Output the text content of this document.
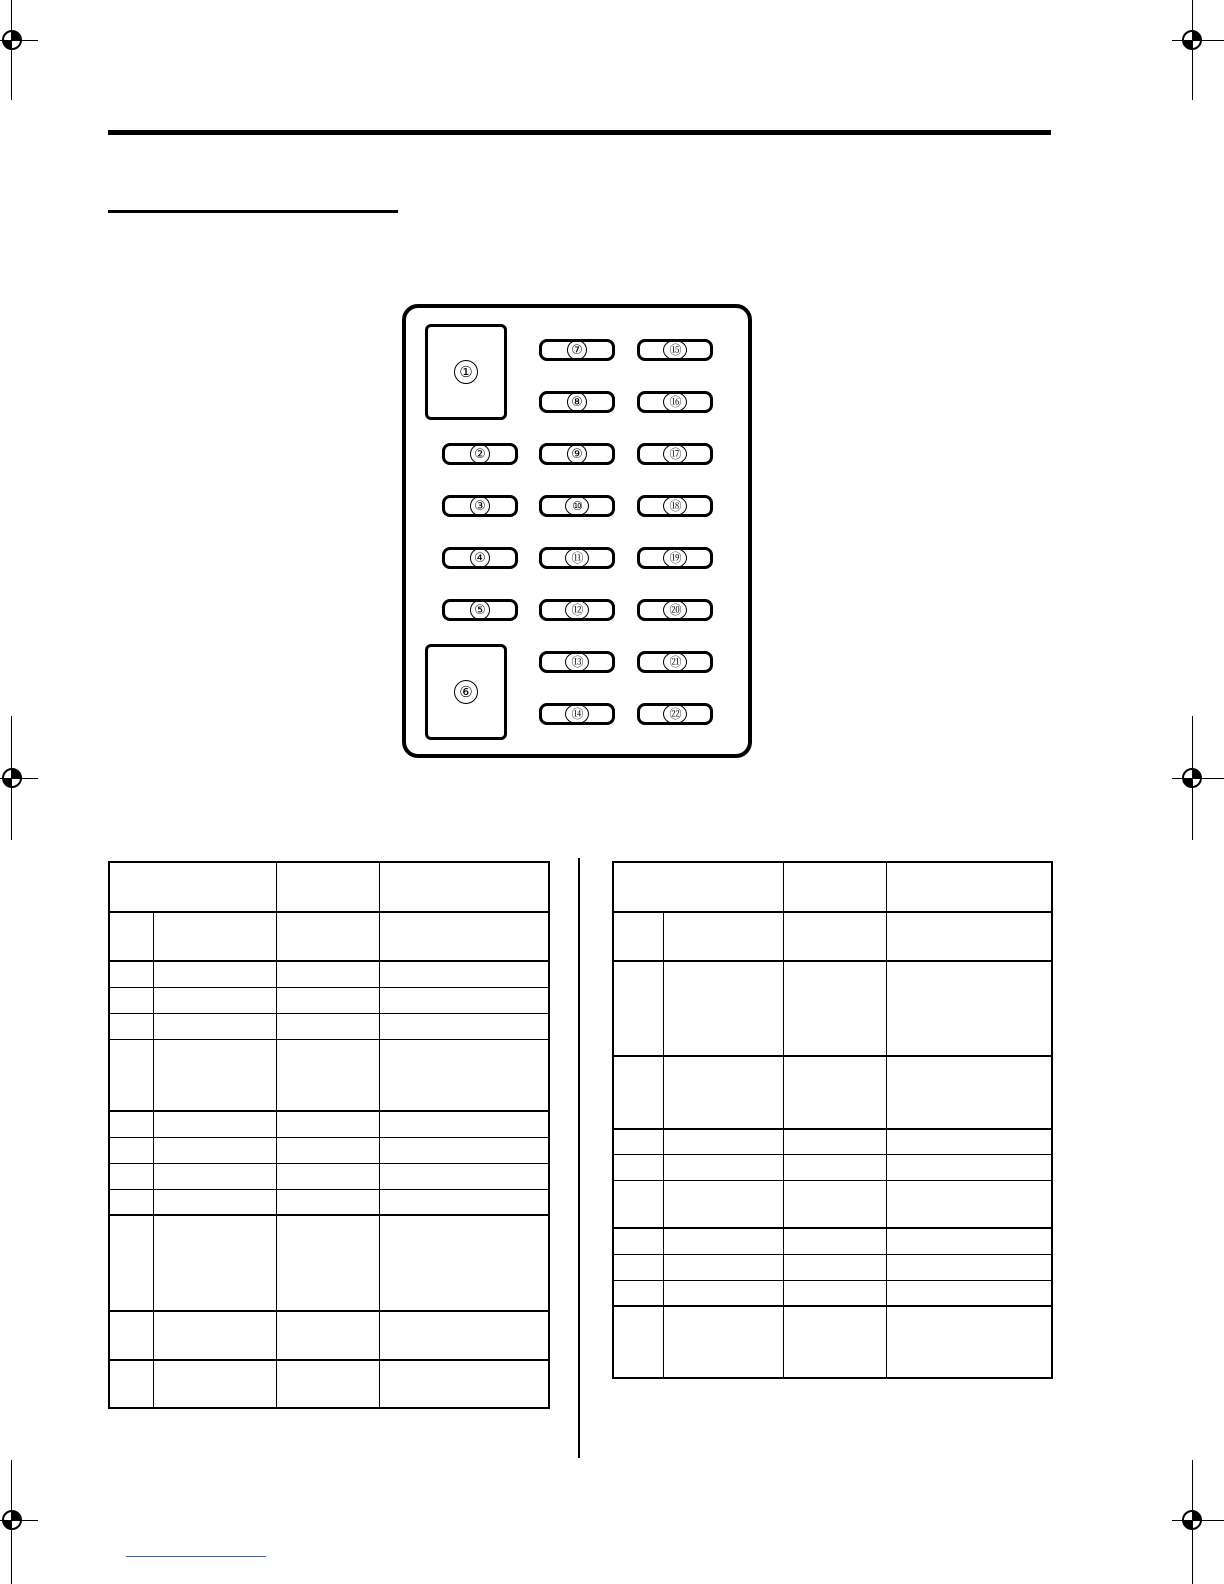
①
⑥
②
③
④
⑤
⑦
⑧
⑨
⑩
⑪
⑫
⑬
⑭
⑮
⑯
⑰
⑱
⑲
⑳
㉑
㉒
